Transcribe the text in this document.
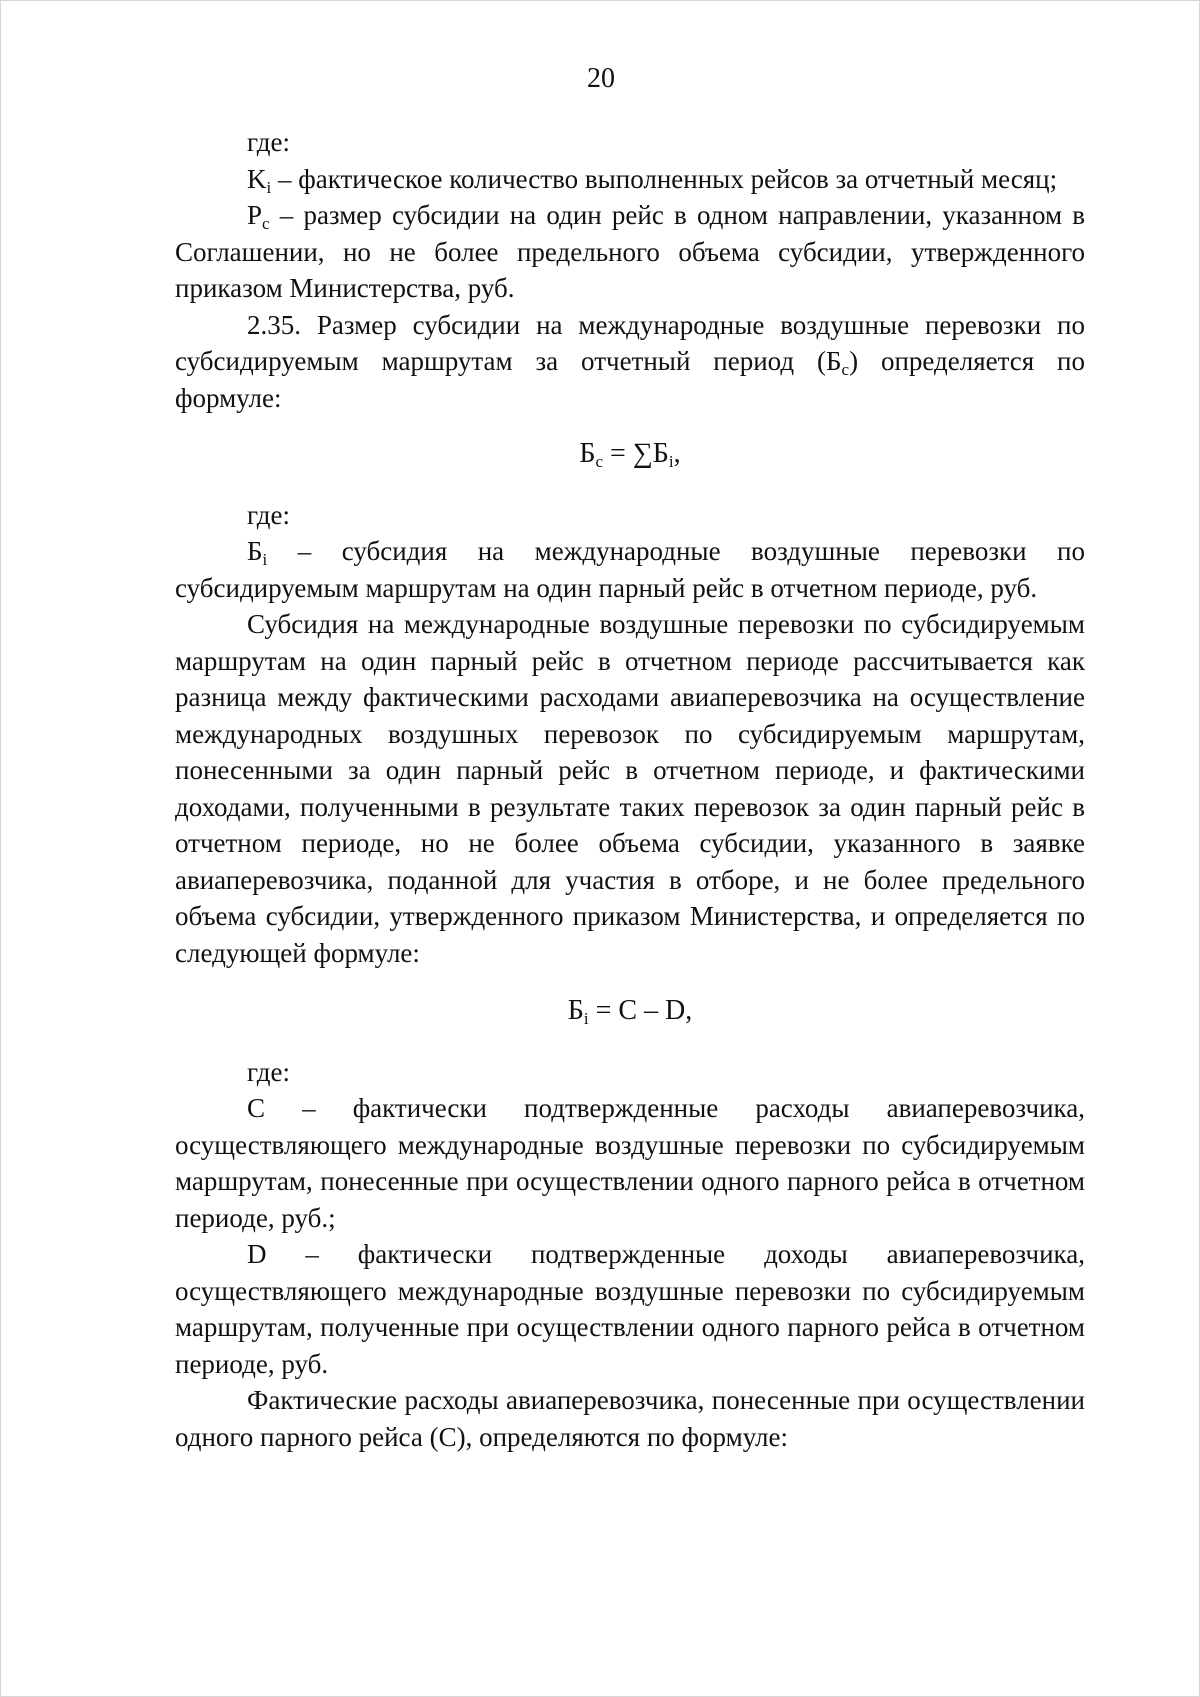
20

где:

$K_i$ – фактическое количество выполненных рейсов за отчетный месяц;

$P_c$ – размер субсидии на один рейс в одном направлении, указанном в Соглашении, но не более предельного объема субсидии, утвержденного приказом Министерства, руб.

2.35. Размер субсидии на международные воздушные перевозки по субсидируемым маршрутам за отчетный период $(Б_с)$ определяется по формуле:

$Б_с = \sum Б_i$,

где:

$Б_i$ – субсидия на международные воздушные перевозки по субсидируемым маршрутам на один парный рейс в отчетном периоде, руб.

Субсидия на международные воздушные перевозки по субсидируемым маршрутам на один парный рейс в отчетном периоде рассчитывается как разница между фактическими расходами авиаперевозчика на осуществление международных воздушных перевозок по субсидируемым маршрутам, понесенными за один парный рейс в отчетном периоде, и фактическими доходами, полученными в результате таких перевозок за один парный рейс в отчетном периоде, но не более объема субсидии, указанного в заявке авиаперевозчика, поданной для участия в отборе, и не более предельного объема субсидии, утвержденного приказом Министерства, и определяется по следующей формуле:

$Б_i = C - D$,

где:

C – фактически подтвержденные расходы авиаперевозчика, осуществляющего международные воздушные перевозки по субсидируемым маршрутам, понесенные при осуществлении одного парного рейса в отчетном периоде, руб.;

D – фактически подтвержденные доходы авиаперевозчика, осуществляющего международные воздушные перевозки по субсидируемым маршрутам, полученные при осуществлении одного парного рейса в отчетном периоде, руб.

Фактические расходы авиаперевозчика, понесенные при осуществлении одного парного рейса (C), определяются по формуле:
